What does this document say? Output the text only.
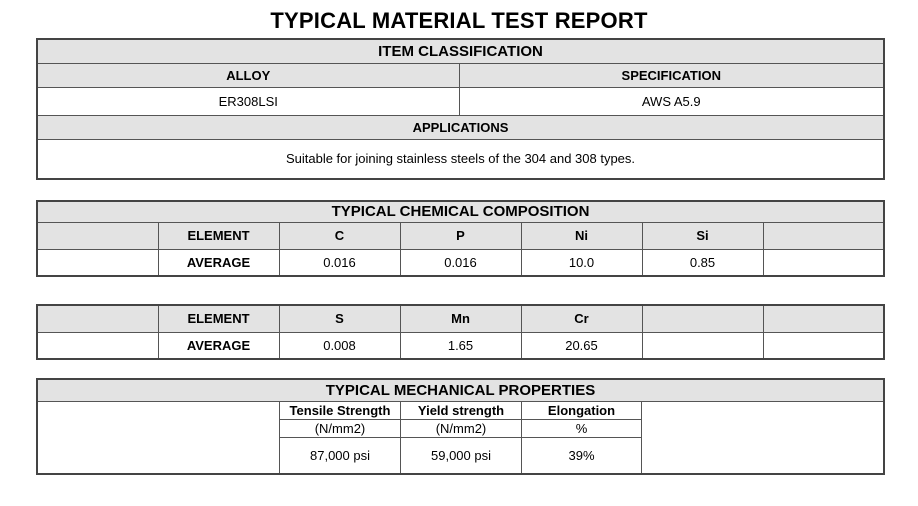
TYPICAL MATERIAL TEST REPORT
ITEM CLASSIFICATION	
ALLOY	SPECIFICATION
ER308LSI	AWS A5.9
APPLICATIONS	
Suitable for joining stainless steels of the 304 and 308 types.	
TYPICAL CHEMICAL COMPOSITION						
	ELEMENT	C	P	Ni	Si	
	AVERAGE	0.016	0.016	10.0	0.85	
	ELEMENT	S	Mn	Cr		
	AVERAGE	0.008	1.65	20.65		
TYPICAL MECHANICAL PROPERTIES

Tensile Strength	Yield strength	Elongation
(N/mm2)	(N/mm2)	%
87,000 psi	59,000 psi	39%
